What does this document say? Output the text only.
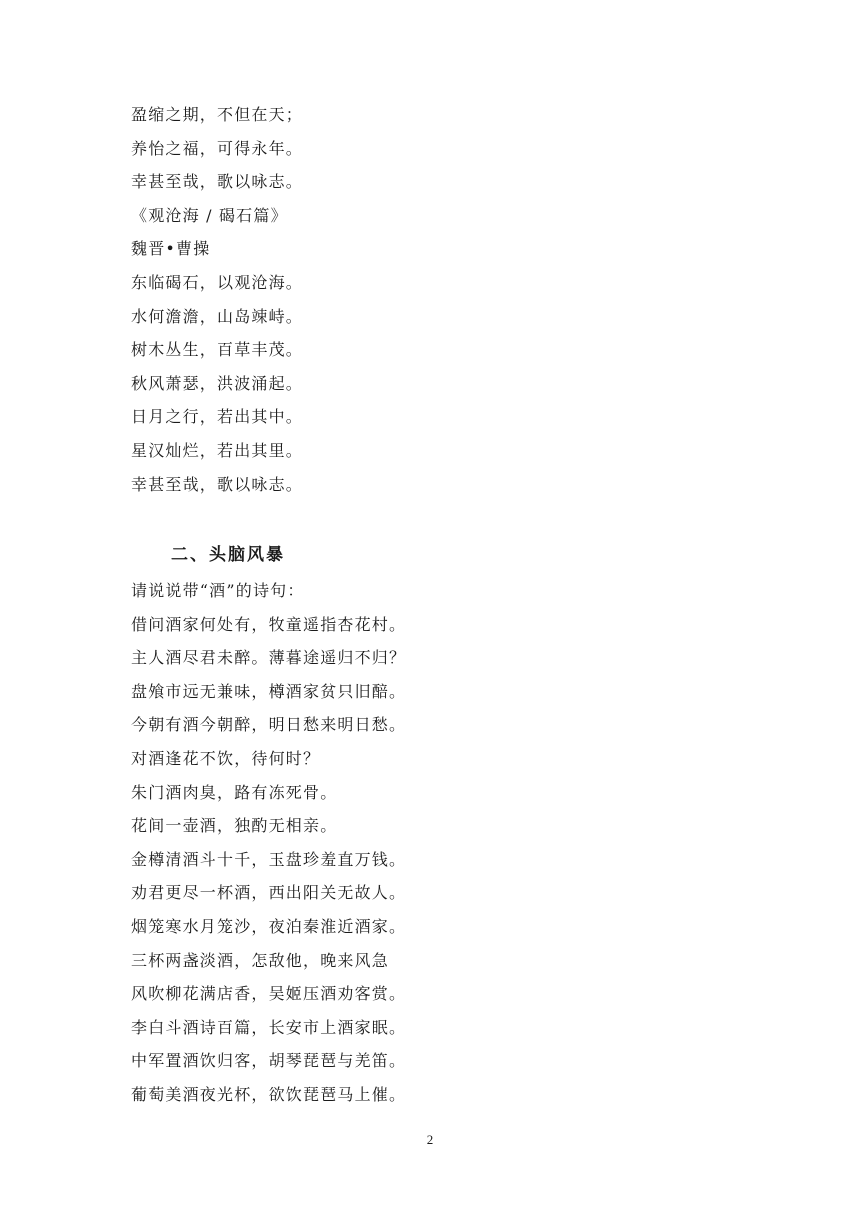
盈缩之期，不但在天；
养怡之福，可得永年。
幸甚至哉，歌以咏志。
《观沧海 / 碣石篇》
魏晋•曹操
东临碣石，以观沧海。
水何澹澹，山岛竦峙。
树木丛生，百草丰茂。
秋风萧瑟，洪波涌起。
日月之行，若出其中。
星汉灿烂，若出其里。
幸甚至哉，歌以咏志。
二、头脑风暴
请说说带“酒”的诗句：
借问酒家何处有，牧童遥指杏花村。
主人酒尽君未醉。薄暮途遥归不归？
盘飧市远无兼味，樽酒家贫只旧醅。
今朝有酒今朝醉，明日愁来明日愁。
对酒逢花不饮，待何时？
朱门酒肉臭，路有冻死骨。
花间一壶酒，独酌无相亲。
金樽清酒斗十千，玉盘珍羞直万钱。
劝君更尽一杯酒，西出阳关无故人。
烟笼寒水月笼沙，夜泊秦淮近酒家。
三杯两盏淡酒，怎敌他，晚来风急
风吹柳花满店香，吴姬压酒劝客赏。
李白斗酒诗百篇，长安市上酒家眠。
中军置酒饮归客，胡琴琵琶与羌笛。
葡萄美酒夜光杯，欲饮琵琶马上催。
2
